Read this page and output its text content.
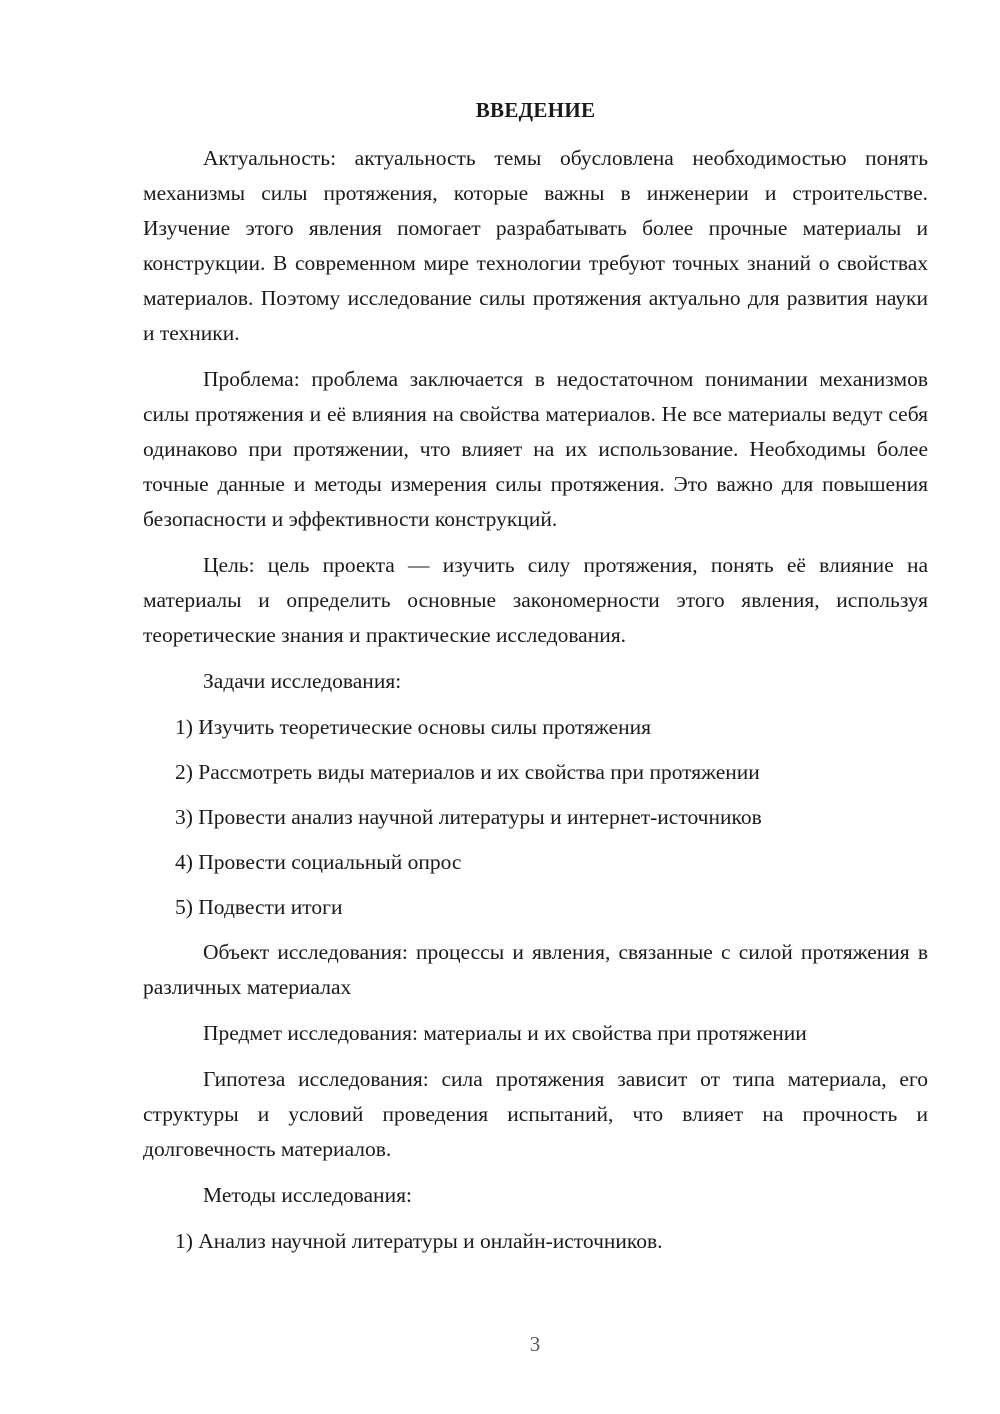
ВВЕДЕНИЕ

Актуальность: актуальность темы обусловлена необходимостью понять механизмы силы протяжения, которые важны в инженерии и строительстве. Изучение этого явления помогает разрабатывать более прочные материалы и конструкции. В современном мире технологии требуют точных знаний о свойствах материалов. Поэтому исследование силы протяжения актуально для развития науки и техники.

Проблема: проблема заключается в недостаточном понимании механизмов силы протяжения и её влияния на свойства материалов. Не все материалы ведут себя одинаково при протяжении, что влияет на их использование. Необходимы более точные данные и методы измерения силы протяжения. Это важно для повышения безопасности и эффективности конструкций.

Цель: цель проекта — изучить силу протяжения, понять её влияние на материалы и определить основные закономерности этого явления, используя теоретические знания и практические исследования.

Задачи исследования:

1) Изучить теоретические основы силы протяжения

2) Рассмотреть виды материалов и их свойства при протяжении

3) Провести анализ научной литературы и интернет-источников

4) Провести социальный опрос

5) Подвести итоги

Объект исследования: процессы и явления, связанные с силой протяжения в различных материалах

Предмет исследования: материалы и их свойства при протяжении

Гипотеза исследования: сила протяжения зависит от типа материала, его структуры и условий проведения испытаний, что влияет на прочность и долговечность материалов.

Методы исследования:

1) Анализ научной литературы и онлайн-источников.

3
